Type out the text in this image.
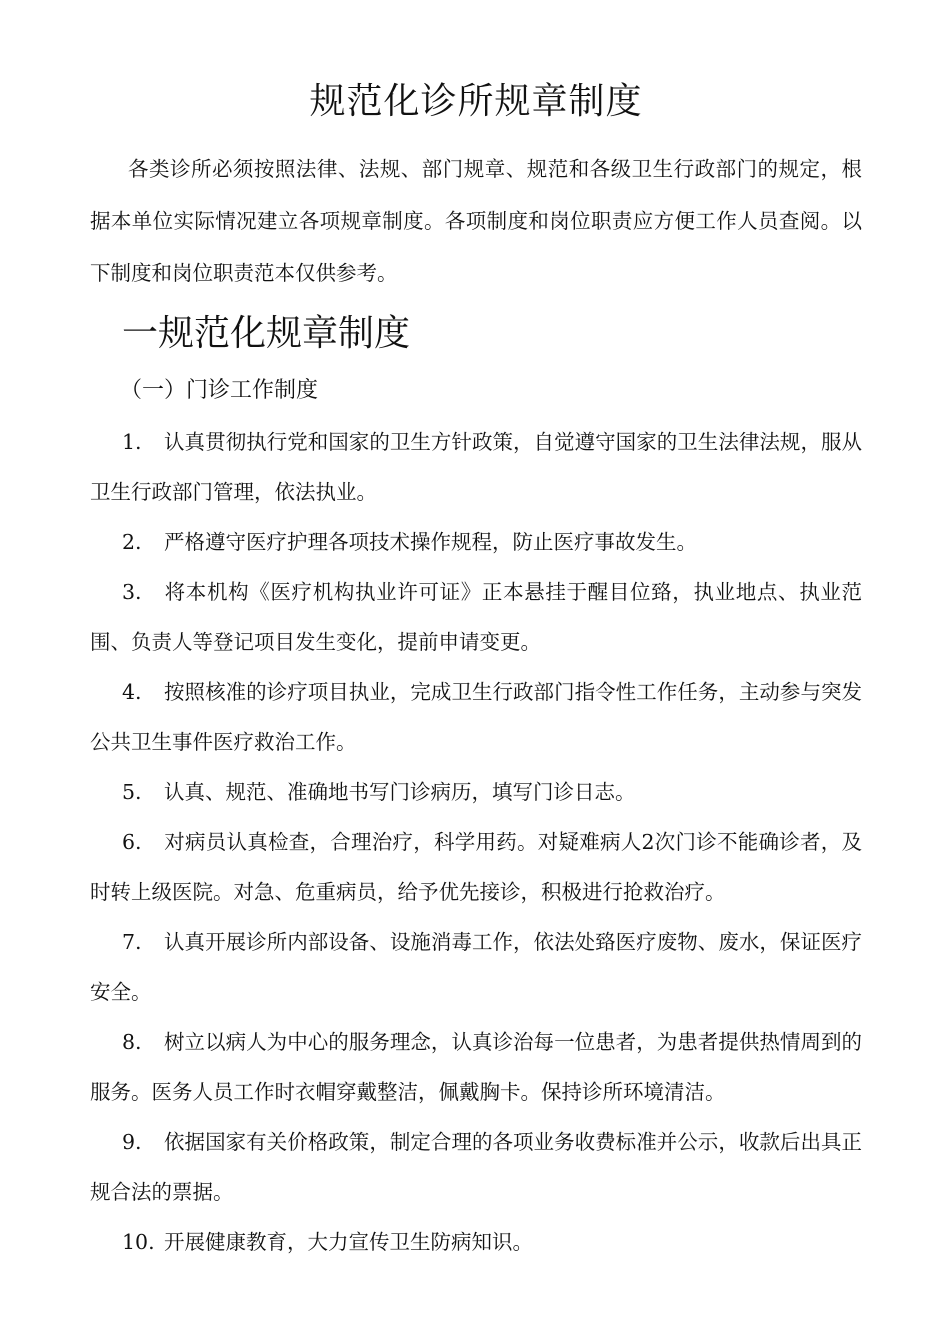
规范化诊所规章制度

各类诊所必须按照法律、法规、部门规章、规范和各级卫生行政部门的规定，根据本单位实际情况建立各项规章制度。各项制度和岗位职责应方便工作人员查阅。以下制度和岗位职责范本仅供参考。

一规范化规章制度
（一）门诊工作制度
1. 认真贯彻执行党和国家的卫生方针政策，自觉遵守国家的卫生法律法规，服从卫生行政部门管理，依法执业。
2. 严格遵守医疗护理各项技术操作规程，防止医疗事故发生。
3. 将本机构《医疗机构执业许可证》正本悬挂于醒目位臵，执业地点、执业范围、负责人等登记项目发生变化，提前申请变更。
4. 按照核准的诊疗项目执业，完成卫生行政部门指令性工作任务，主动参与突发公共卫生事件医疗救治工作。
5. 认真、规范、准确地书写门诊病历，填写门诊日志。
6. 对病员认真检查，合理治疗，科学用药。对疑难病人2次门诊不能确诊者，及时转上级医院。对急、危重病员，给予优先接诊，积极进行抢救治疗。
7. 认真开展诊所内部设备、设施消毒工作，依法处臵医疗废物、废水，保证医疗安全。
8. 树立以病人为中心的服务理念，认真诊治每一位患者，为患者提供热情周到的服务。医务人员工作时衣帽穿戴整洁，佩戴胸卡。保持诊所环境清洁。
9. 依据国家有关价格政策，制定合理的各项业务收费标准并公示，收款后出具正规合法的票据。
10. 开展健康教育，大力宣传卫生防病知识。
